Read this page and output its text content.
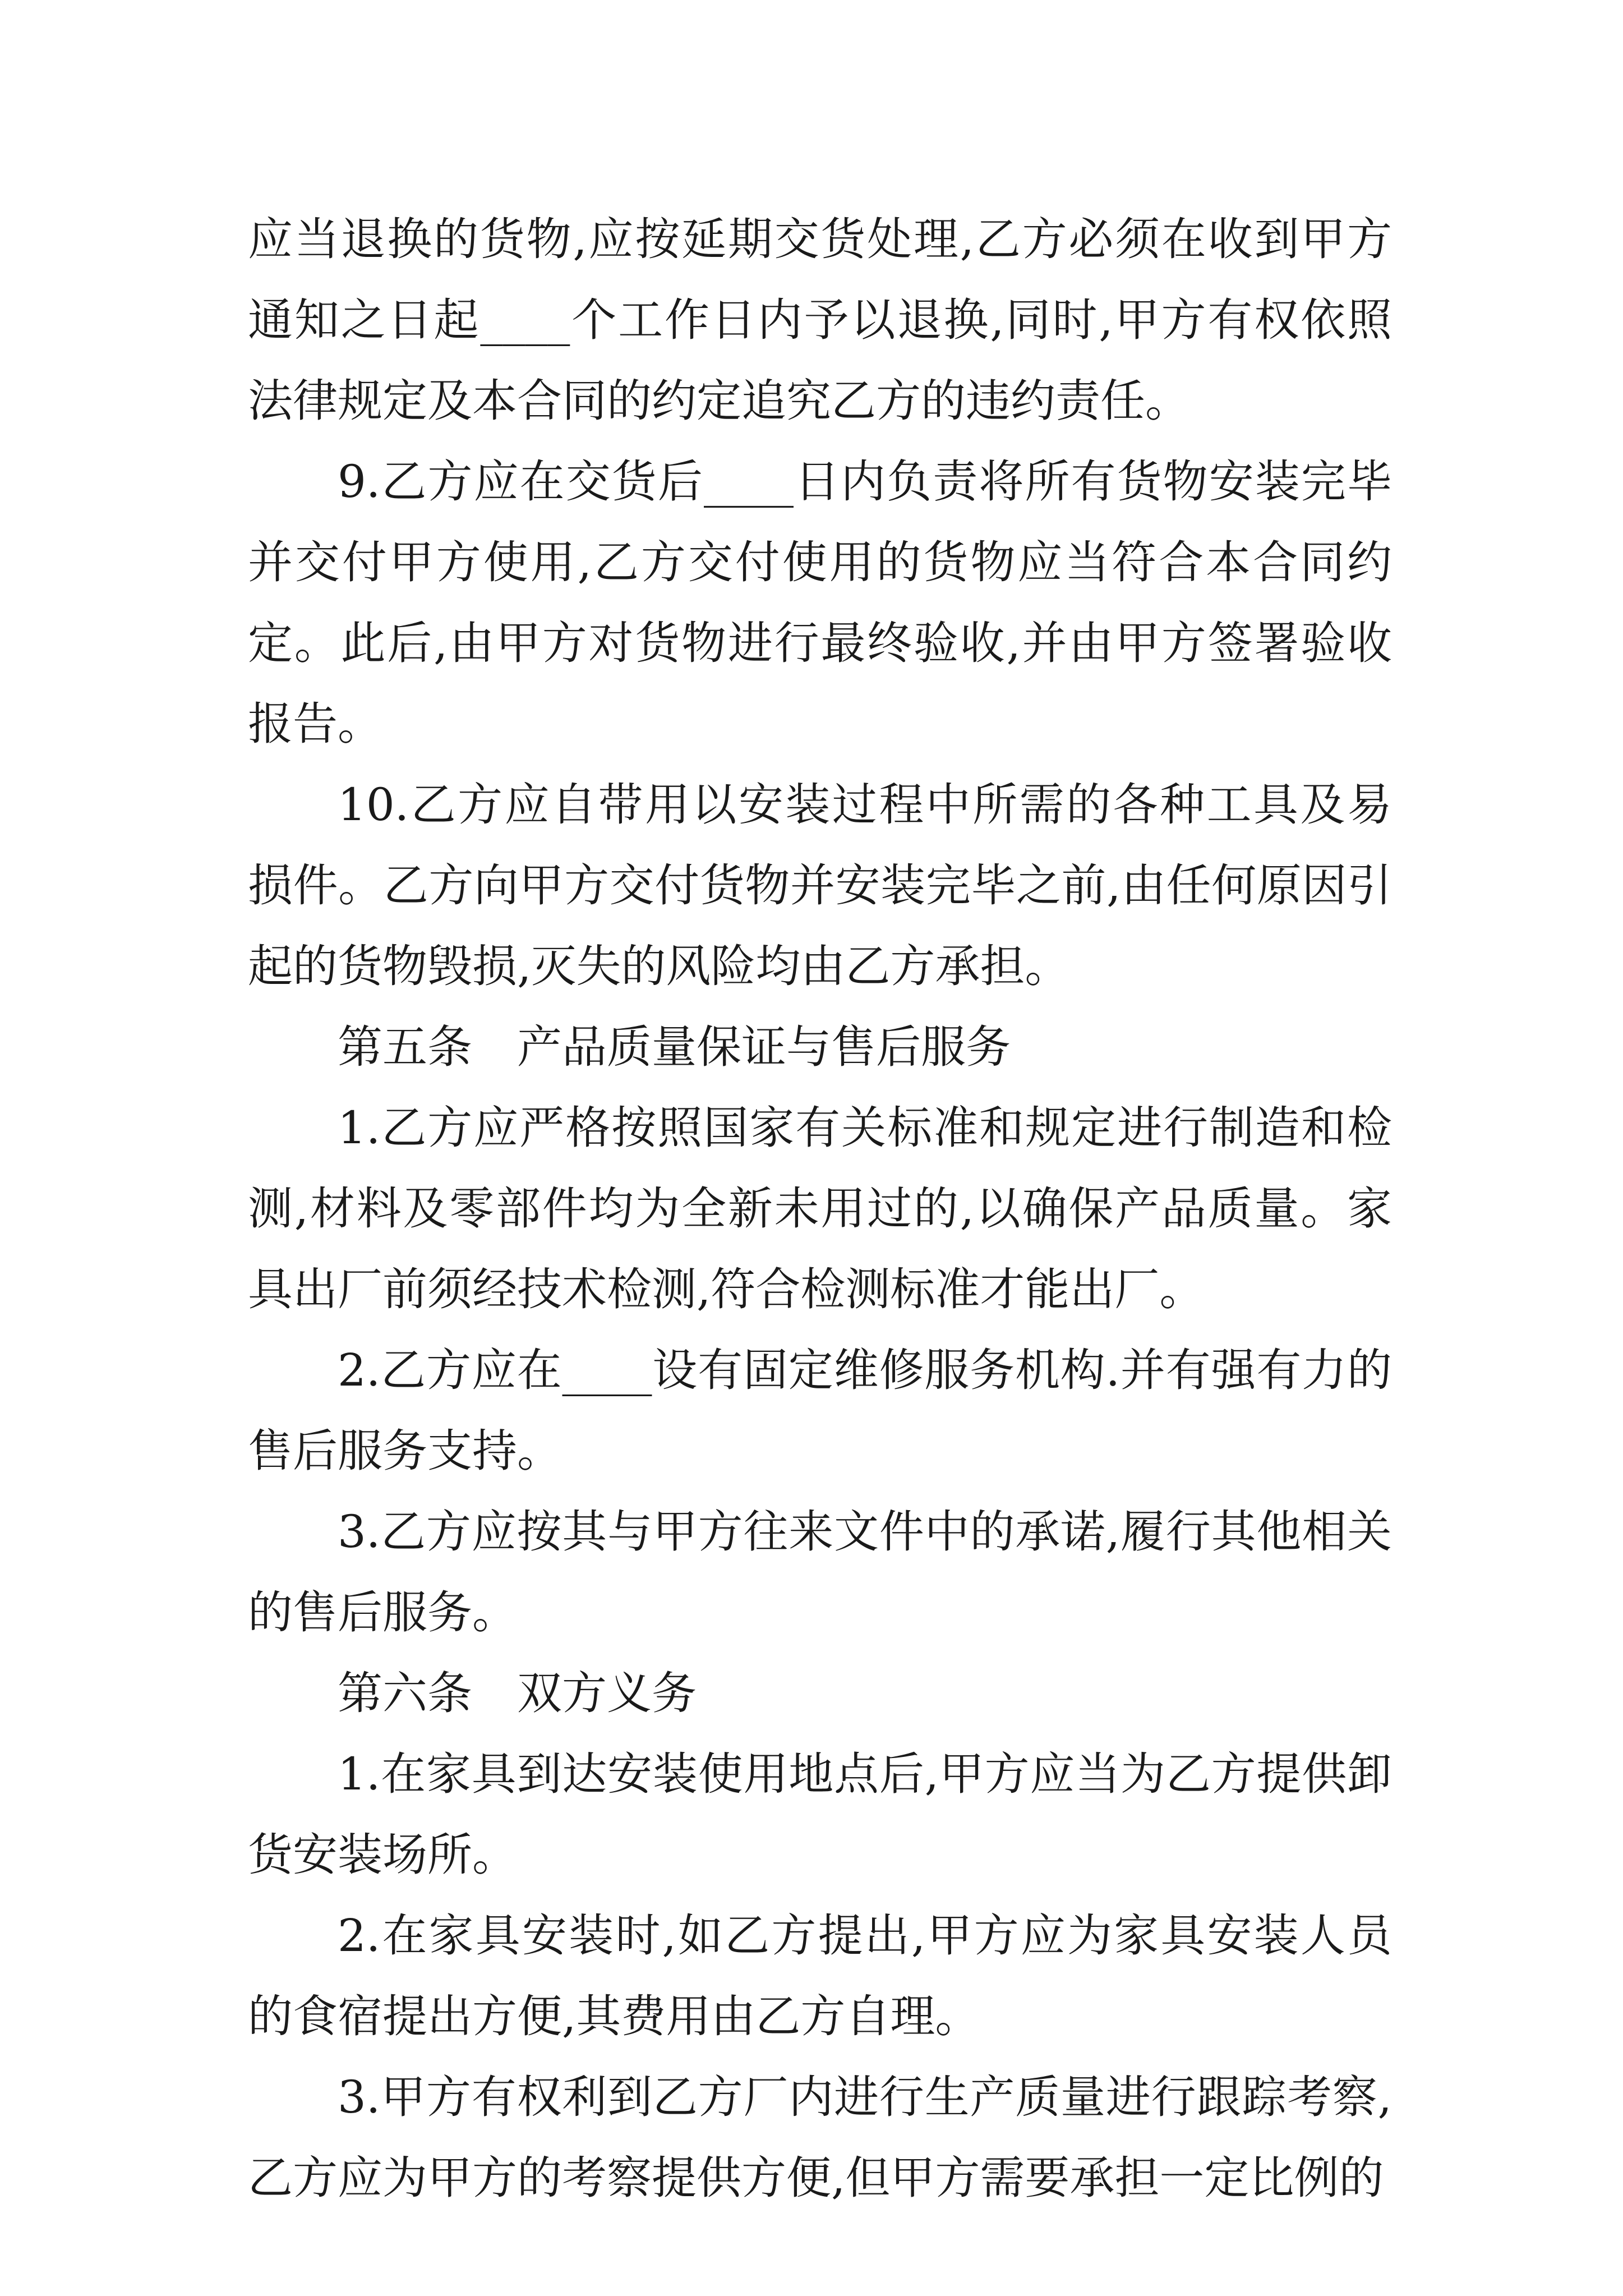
应当退换的货物,应按延期交货处理,乙方必须在收到甲方通知之日起____个工作日内予以退换,同时,甲方有权依照法律规定及本合同的约定追究乙方的违约责任。

9.乙方应在交货后____日内负责将所有货物安装完毕并交付甲方使用,乙方交付使用的货物应当符合本合同约定。此后,由甲方对货物进行最终验收,并由甲方签署验收报告。

10.乙方应自带用以安装过程中所需的各种工具及易损件。乙方向甲方交付货物并安装完毕之前,由任何原因引起的货物毁损,灭失的风险均由乙方承担。

第五条　产品质量保证与售后服务

1.乙方应严格按照国家有关标准和规定进行制造和检测,材料及零部件均为全新未用过的,以确保产品质量。家具出厂前须经技术检测,符合检测标准才能出厂。

2.乙方应在____设有固定维修服务机构.并有强有力的售后服务支持。

3.乙方应按其与甲方往来文件中的承诺,履行其他相关的售后服务。

第六条　双方义务

1.在家具到达安装使用地点后,甲方应当为乙方提供卸货安装场所。

2.在家具安装时,如乙方提出,甲方应为家具安装人员的食宿提出方便,其费用由乙方自理。

3.甲方有权利到乙方厂内进行生产质量进行跟踪考察,乙方应为甲方的考察提供方便,但甲方需要承担一定比例的
